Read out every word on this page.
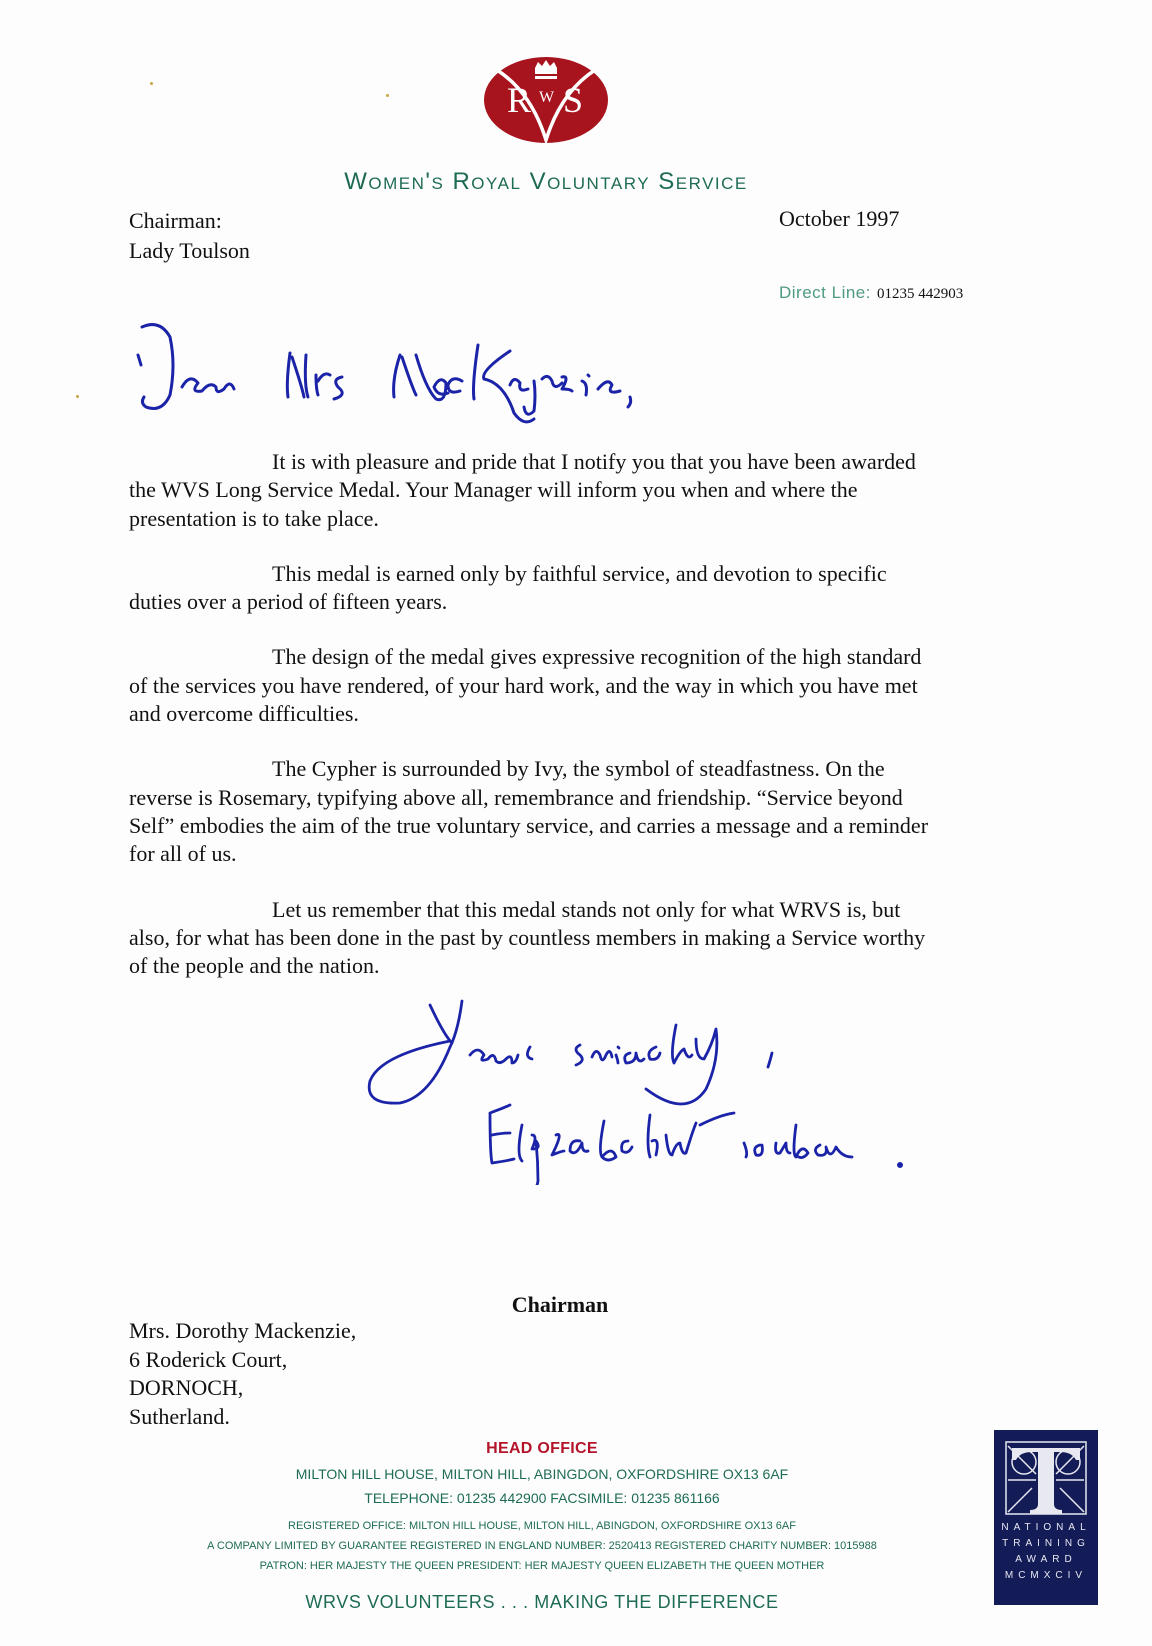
R W S
Women's Royal Voluntary Service
Chairman:
Lady Toulson
October 1997
Direct Line: 01235 442903

It is with pleasure and pride that I notify you that you have been awarded the WVS Long Service Medal. Your Manager will inform you when and where the presentation is to take place.

This medal is earned only by faithful service, and devotion to specific duties over a period of fifteen years.

The design of the medal gives expressive recognition of the high standard of the services you have rendered, of your hard work, and the way in which you have met and overcome difficulties.

The Cypher is surrounded by Ivy, the symbol of steadfastness. On the reverse is Rosemary, typifying above all, remembrance and friendship. “Service beyond Self” embodies the aim of the true voluntary service, and carries a message and a reminder for all of us.

Let us remember that this medal stands not only for what WRVS is, but also, for what has been done in the past by countless members in making a Service worthy of the people and the nation.

Chairman
Mrs. Dorothy Mackenzie,
6 Roderick Court,
DORNOCH,
Sutherland.
HEAD OFFICE
MILTON HILL HOUSE, MILTON HILL, ABINGDON, OXFORDSHIRE OX13 6AF
TELEPHONE: 01235 442900 FACSIMILE: 01235 861166
REGISTERED OFFICE: MILTON HILL HOUSE, MILTON HILL, ABINGDON, OXFORDSHIRE OX13 6AF
A COMPANY LIMITED BY GUARANTEE REGISTERED IN ENGLAND NUMBER: 2520413 REGISTERED CHARITY NUMBER: 1015988
PATRON: HER MAJESTY THE QUEEN PRESIDENT: HER MAJESTY QUEEN ELIZABETH THE QUEEN MOTHER
WRVS VOLUNTEERS . . . MAKING THE DIFFERENCE
NATIONAL
TRAINING
AWARD
MCMXCIV
